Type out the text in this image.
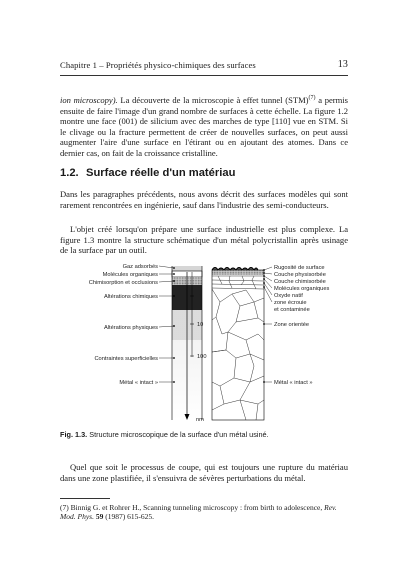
Chapitre 1 – Propriétés physico-chimiques des surfaces	13
ion microscopy). La découverte de la microscopie à effet tunnel (STM)$^{(7)}$ a permis ensuite de faire l'image d'un grand nombre de surfaces à cette échelle. La figure 1.2 montre une face (001) de silicium avec des marches de type [110] vue en STM. Si le clivage ou la fracture permettent de créer de nouvelles surfaces, on peut aussi augmenter l'aire d'une surface en l'étirant ou en ajoutant des atomes. Dans ce dernier cas, on fait de la croissance cristalline.
1.2. Surface réelle d'un matériau
Dans les paragraphes précédents, nous avons décrit des surfaces modèles qui sont rarement rencontrées en ingénierie, sauf dans l'industrie des semi-conducteurs.
L'objet créé lorsqu'on prépare une surface industrielle est plus complexe. La figure 1.3 montre la structure schématique d'un métal polycristallin après usinage de la surface par un outil.
1
10
100
nm
Gaz adsorbés
Molécules organiques
Chimisorption et occlusions
Altérations chimiques
Altérations physiques
Contraintes superficielles
Métal « intact »
Rugosité de surface
Couche physisorbée
Couche chimisorbée
Molécules organiques
Oxyde natif
zone écrouie
et contaminée
Zone orientée
Métal « intact »
Fig. 1.3. Structure microscopique de la surface d'un métal usiné.
Quel que soit le processus de coupe, qui est toujours une rupture du matériau dans une zone plastifiée, il s'ensuivra de sévères perturbations du métal.
(7) Binnig G. et Rohrer H., Scanning tunneling microscopy : from birth to adolescence, Rev. Mod. Phys. 59 (1987) 615-625.
